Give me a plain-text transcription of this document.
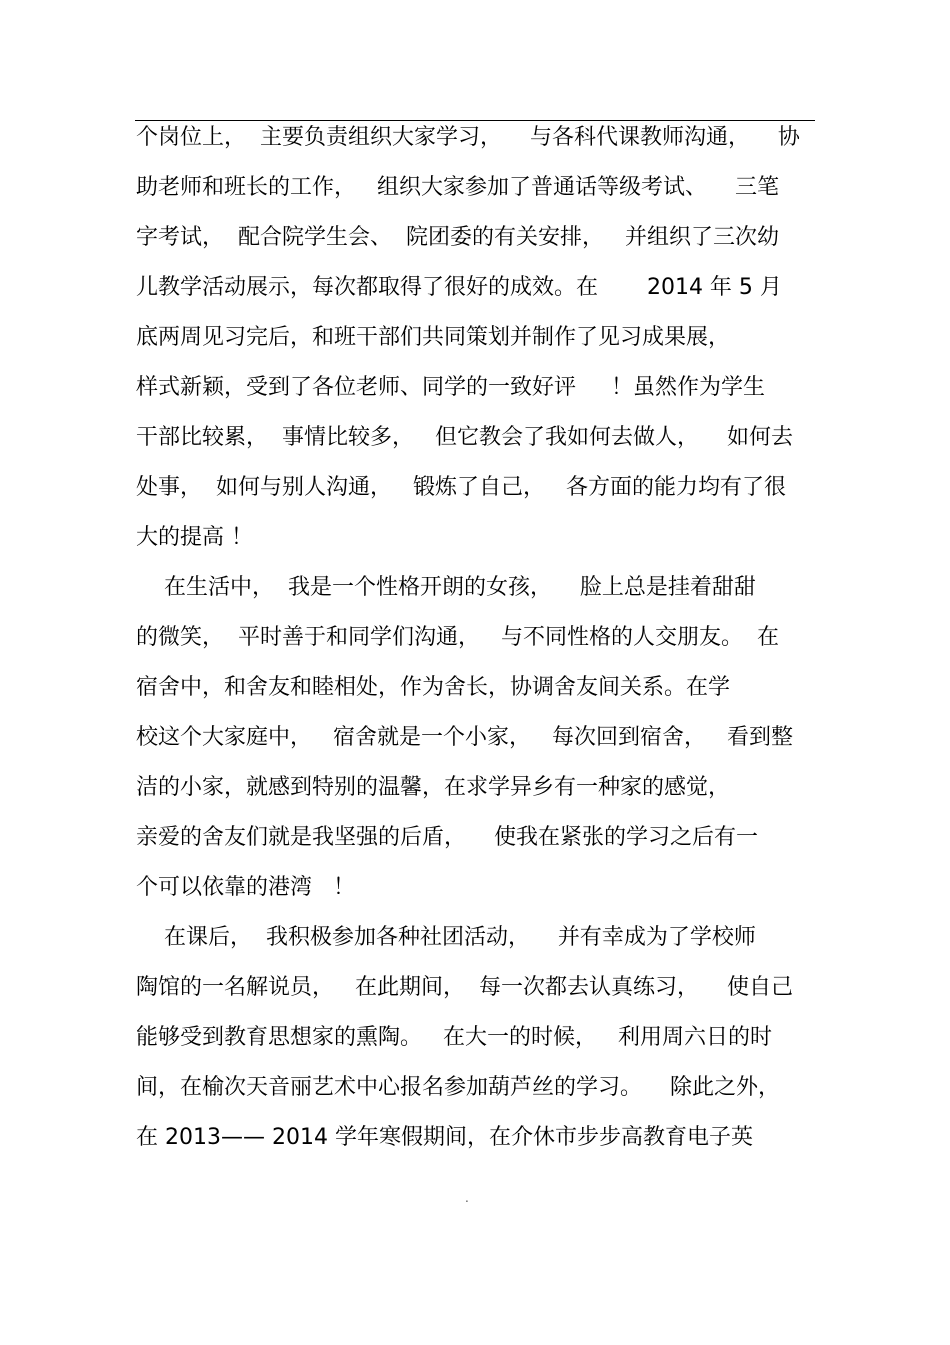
个岗位上，  主要负责组织大家学习，    与各科代课教师沟通，    协

助老师和班长的工作，   组织大家参加了普通话等级考试、    三笔

字考试，  配合院学生会、  院团委的有关安排，   并组织了三次幼

儿教学活动展示，每次都取得了很好的成效。在       2014 年 5 月

底两周见习完后，和班干部们共同策划并制作了见习成果展，

样式新颖，受到了各位老师、同学的一致好评     ！虽然作为学生

干部比较累，  事情比较多，   但它教会了我如何去做人，    如何去

处事，  如何与别人沟通，   锻炼了自己，   各方面的能力均有了很

大的提高 ！

在生活中，  我是一个性格开朗的女孩，    脸上总是挂着甜甜

的微笑，  平时善于和同学们沟通，   与不同性格的人交朋友。  在

宿舍中，和舍友和睦相处，作为舍长，协调舍友间关系。在学

校这个大家庭中，   宿舍就是一个小家，   每次回到宿舍，   看到整

洁的小家，就感到特别的温馨，在求学异乡有一种家的感觉，

亲爱的舍友们就是我坚强的后盾，    使我在紧张的学习之后有一

个可以依靠的港湾   ！

在课后，  我积极参加各种社团活动，    并有幸成为了学校师

陶馆的一名解说员，   在此期间，  每一次都去认真练习，    使自己

能够受到教育思想家的熏陶。   在大一的时候，   利用周六日的时

间，在榆次天音丽艺术中心报名参加葫芦丝的学习。    除此之外，

在 2013—— 2014 学年寒假期间，在介休市步步高教育电子英

.
